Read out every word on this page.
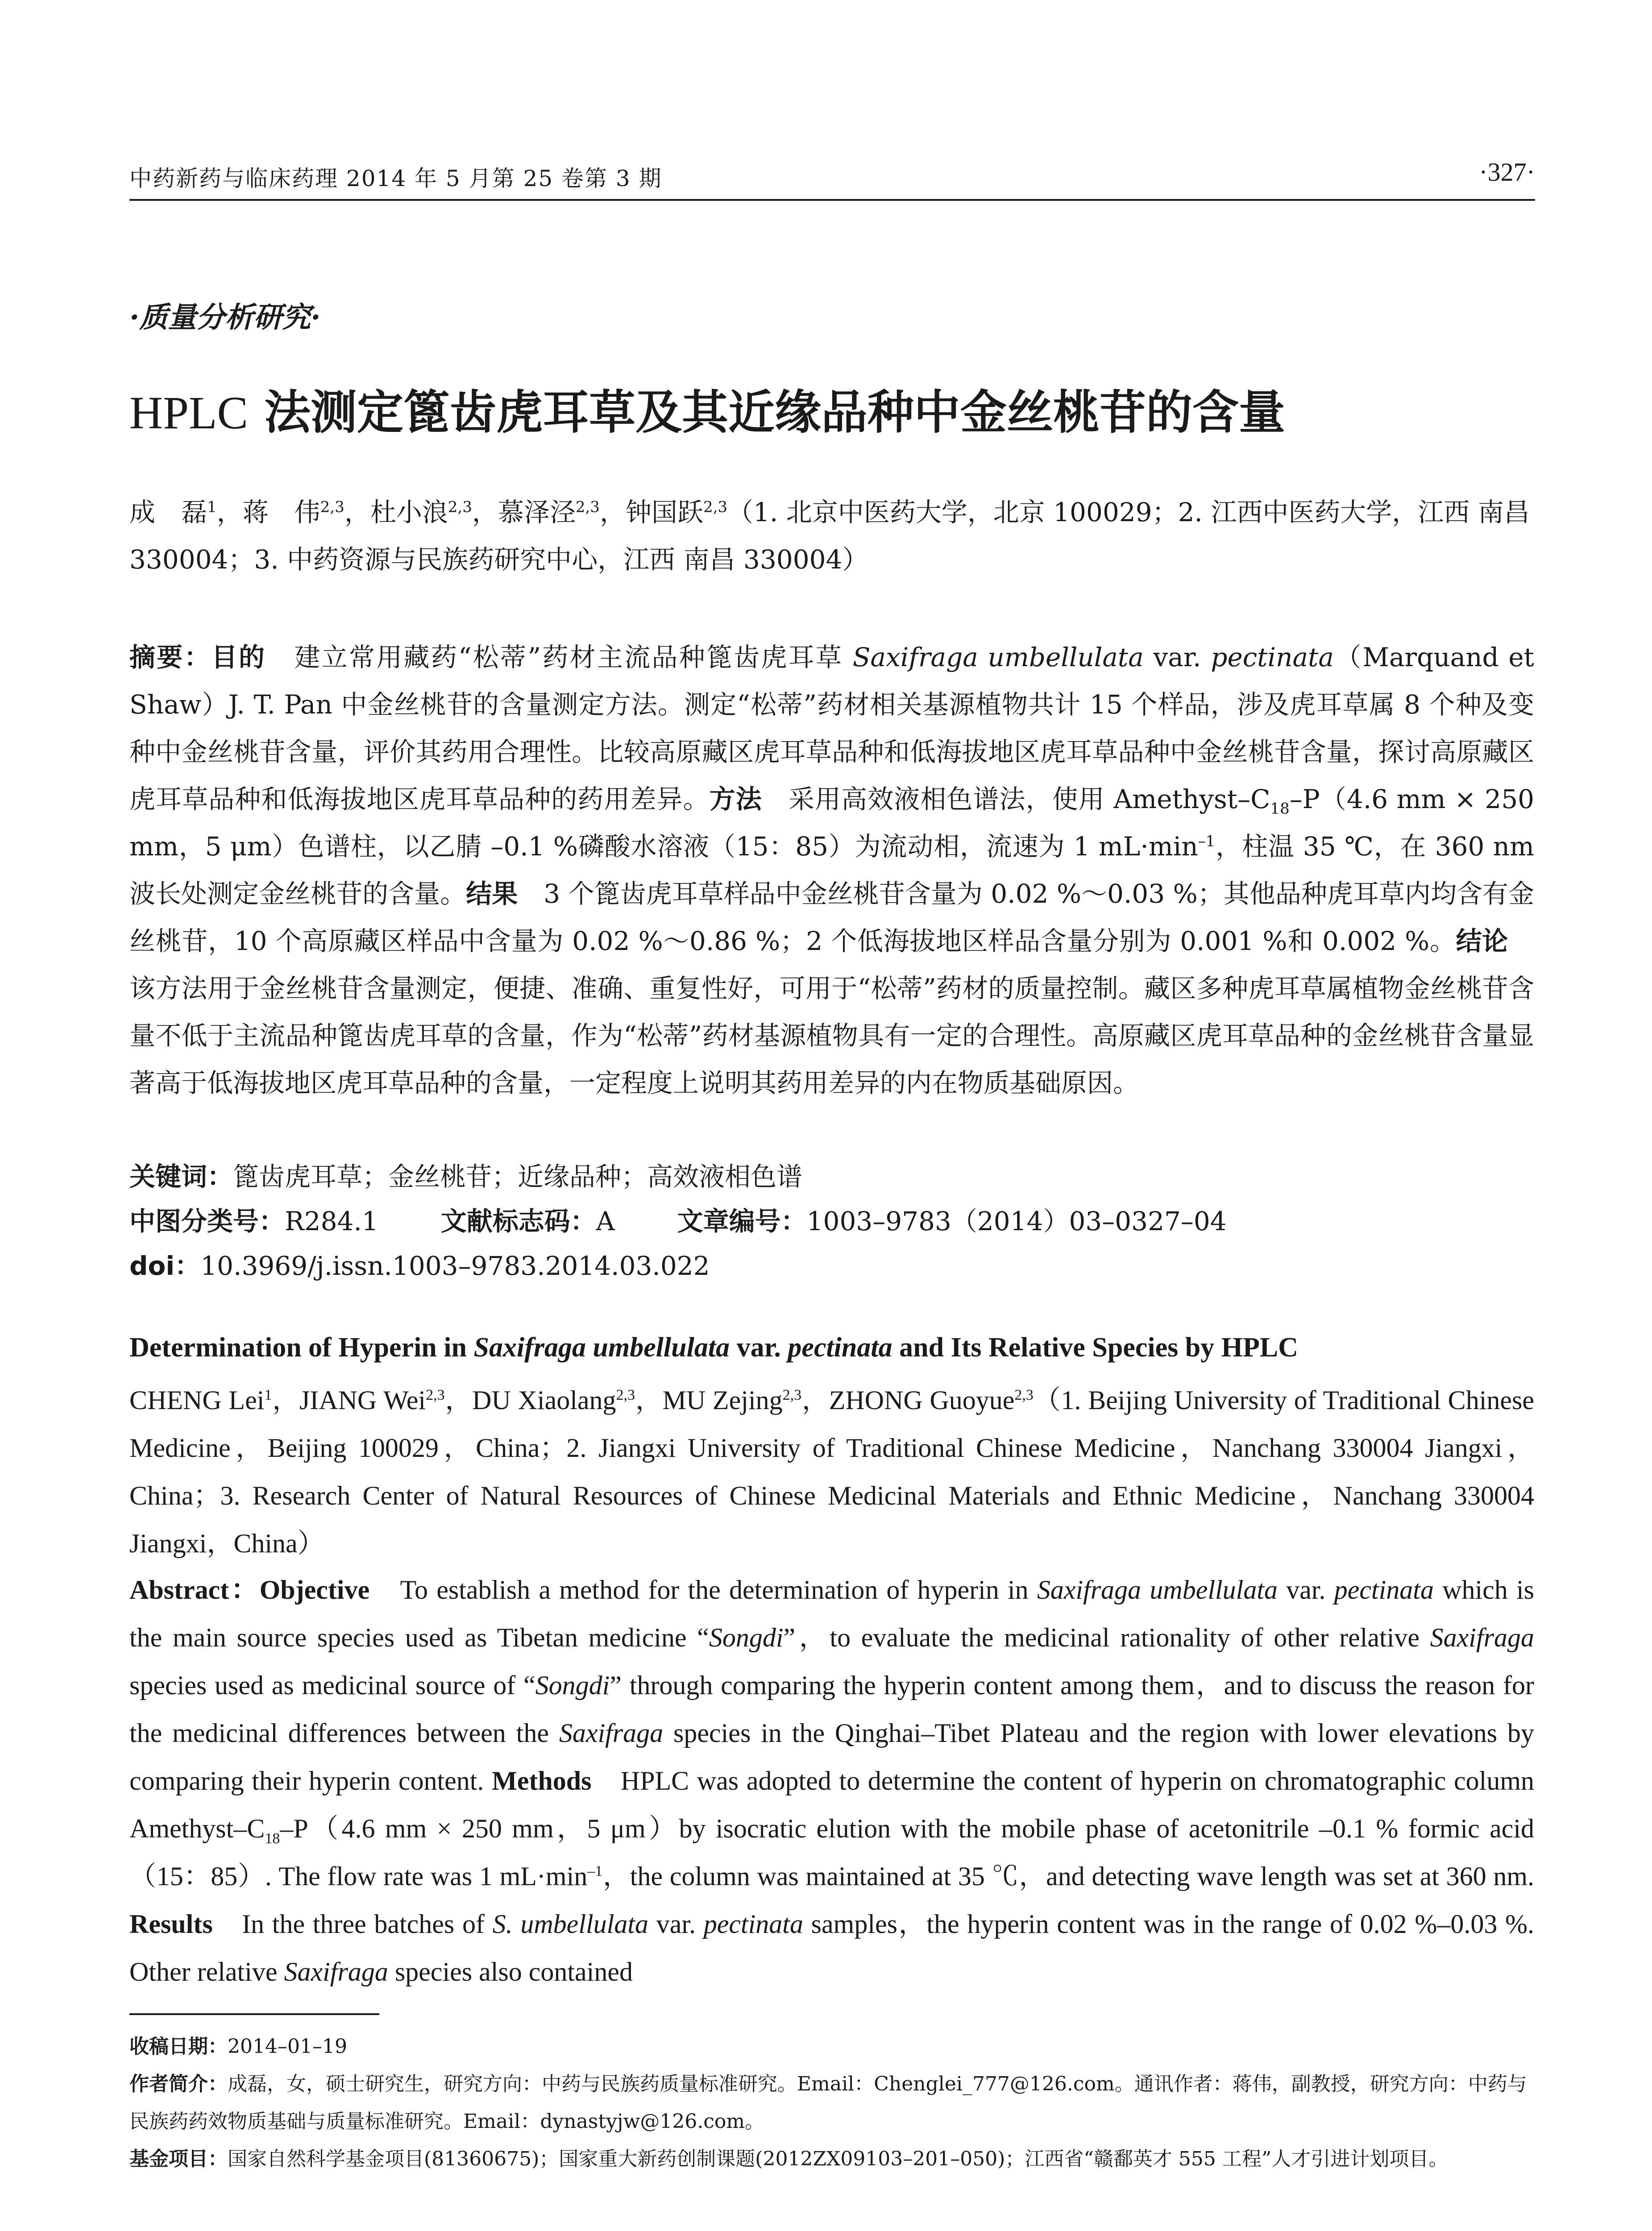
中药新药与临床药理 2014 年 5 月第 25 卷第 3 期	·327·
·质量分析研究·
HPLC 法测定篦齿虎耳草及其近缘品种中金丝桃苷的含量
成　磊$^1$，蒋　伟$^{2,3}$，杜小浪$^{2,3}$，慕泽泾$^{2,3}$，钟国跃$^{2,3}$（1. 北京中医药大学，北京 100029；2. 江西中医药大学，江西 南昌 330004；3. 中药资源与民族药研究中心，江西 南昌 330004）
摘要：目的 建立常用藏药“松蒂”药材主流品种篦齿虎耳草 Saxifraga umbellulata var. pectinata（Marquand et Shaw）J. T. Pan 中金丝桃苷的含量测定方法。测定“松蒂”药材相关基源植物共计 15 个样品，涉及虎耳草属 8 个种及变种中金丝桃苷含量，评价其药用合理性。比较高原藏区虎耳草品种和低海拔地区虎耳草品种中金丝桃苷含量，探讨高原藏区虎耳草品种和低海拔地区虎耳草品种的药用差异。方法　采用高效液相色谱法，使用 Amethyst–$C_{18}-P(4.6$ mm × 250 mm，5 μm）色谱柱，以乙腈 –0.1 %磷酸水溶液（15：85）为流动相，流速为 1 $mL\cdot\min^{-1}$，柱温 35 ℃，在 360 nm 波长处测定金丝桃苷的含量。结果　3 个篦齿虎耳草样品中金丝桃苷含量为 0.02 %～0.03 %；其他品种虎耳草内均含有金丝桃苷，10 个高原藏区样品中含量为 0.02 %～0.86 %；2 个低海拔地区样品含量分别为 0.001 %和 0.002 %。结论　该方法用于金丝桃苷含量测定，便捷、准确、重复性好，可用于“松蒂”药材的质量控制。藏区多种虎耳草属植物金丝桃苷含量不低于主流品种篦齿虎耳草的含量，作为“松蒂”药材基源植物具有一定的合理性。高原藏区虎耳草品种的金丝桃苷含量显著高于低海拔地区虎耳草品种的含量，一定程度上说明其药用差异的内在物质基础原因。
关键词：篦齿虎耳草；金丝桃苷；近缘品种；高效液相色谱
中图分类号：R284.1 文献标志码：A 文章编号：1003–9783（2014）03–0327–04
doi：10.3969/j.issn.1003–9783.2014.03.022
Determination of Hyperin in Saxifraga umbellulata var. pectinata and Its Relative Species by HPLC
CHENG Lei$^1$，JIANG Wei$^{2,3}$，DU Xiaolang$^{2,3}$，MU Zejing$^{2,3}$，ZHONG Guoyue$^{2,3}$（1. Beijing University of Traditional Chinese Medicine，Beijing 100029，China；2. Jiangxi University of Traditional Chinese Medicine，Nanchang 330004 Jiangxi，China；3. Research Center of Natural Resources of Chinese Medicinal Materials and Ethnic Medicine，Nanchang 330004 Jiangxi，China）
Abstract：Objective　To establish a method for the determination of hyperin in Saxifraga umbellulata var. pectinata which is the main source species used as Tibetan medicine “Songdi”，to evaluate the medicinal rationality of other relative Saxifraga species used as medicinal source of “Songdi” through comparing the hyperin content among them，and to discuss the reason for the medicinal differences between the Saxifraga species in the Qinghai–Tibet Plateau and the region with lower elevations by comparing their hyperin content. Methods　HPLC was adopted to determine the content of hyperin on chromatographic column Amethyst–$C_{18}-P(4.6$ mm × 250 mm，5 μm）by isocratic elution with the mobile phase of acetonitrile –0.1 % formic acid（15：85）. The flow rate was 1 $mL\cdot\min^{-1}$，the column was maintained at 35 ℃，and detecting wave length was set at 360 nm. Results　In the three batches of S. umbellulata var. pectinata samples，the hyperin content was in the range of 0.02 %–0.03 %. Other relative Saxifraga species also contained

收稿日期：2014–01–19

作者简介：成磊，女，硕士研究生，研究方向：中药与民族药质量标准研究。Email：Chenglei_777@126.com。通讯作者：蒋伟，副教授，研究方向：中药与民族药药效物质基础与质量标准研究。Email：dynastyjw@126.com。

基金项目：国家自然科学基金项目(81360675)；国家重大新药创制课题(2012ZX09103–201–050)；江西省“赣鄱英才 555 工程”人才引进计划项目。
